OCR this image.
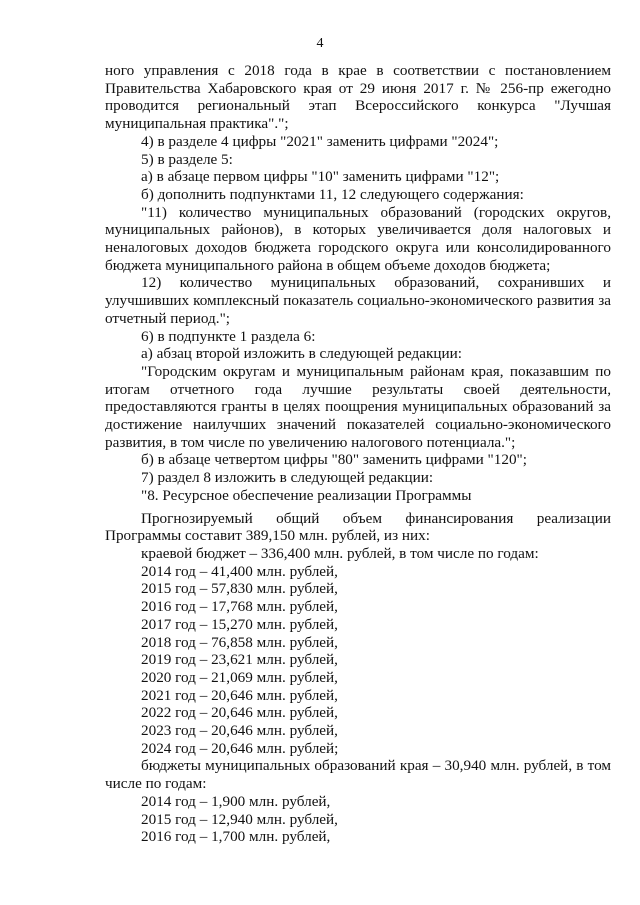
4

ного управления с 2018 года в крае в соответствии с постановлением Правительства Хабаровского края от 29 июня 2017 г. № 256-пр ежегодно проводится региональный этап Всероссийского конкурса "Лучшая муниципальная практика".";

4) в разделе 4 цифры "2021" заменить цифрами "2024";

5) в разделе 5:

а) в абзаце первом цифры "10" заменить цифрами "12";

б) дополнить подпунктами 11, 12 следующего содержания:

"11) количество муниципальных образований (городских округов, муниципальных районов), в которых увеличивается доля налоговых и неналоговых доходов бюджета городского округа или консолидированного бюджета муниципального района в общем объеме доходов бюджета;

12) количество муниципальных образований, сохранивших и улучшивших комплексный показатель социально-экономического развития за отчетный период.";

6) в подпункте 1 раздела 6:

а) абзац второй изложить в следующей редакции:

"Городским округам и муниципальным районам края, показавшим по итогам отчетного года лучшие результаты своей деятельности, предоставляются гранты в целях поощрения муниципальных образований за достижение наилучших значений показателей социально-экономического развития, в том числе по увеличению налогового потенциала.";

б) в абзаце четвертом цифры "80" заменить цифрами "120";

7) раздел 8 изложить в следующей редакции:

"8. Ресурсное обеспечение реализации Программы

Прогнозируемый общий объем финансирования реализации Программы составит 389,150 млн. рублей, из них:

краевой бюджет – 336,400 млн. рублей, в том числе по годам:

2014 год – 41,400 млн. рублей,

2015 год – 57,830 млн. рублей,

2016 год – 17,768 млн. рублей,

2017 год – 15,270 млн. рублей,

2018 год – 76,858 млн. рублей,

2019 год – 23,621 млн. рублей,

2020 год – 21,069 млн. рублей,

2021 год – 20,646 млн. рублей,

2022 год – 20,646 млн. рублей,

2023 год – 20,646 млн. рублей,

2024 год – 20,646 млн. рублей;

бюджеты муниципальных образований края – 30,940 млн. рублей, в том числе по годам:

2014 год – 1,900 млн. рублей,

2015 год – 12,940 млн. рублей,

2016 год – 1,700 млн. рублей,
